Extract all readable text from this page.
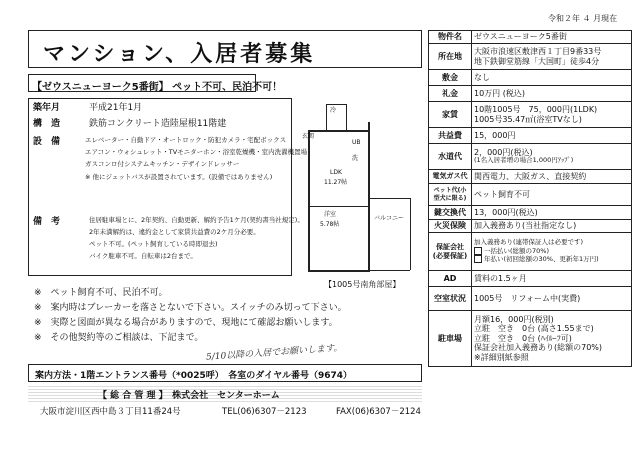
令和２年 ４ 月現在
マンション、入居者募集
【ゼウスニューヨーク5番街】 ペット不可、民泊不可！
築年月	平成21年1月
構　造	鉄筋コンクリート造陸屋根11階建
設　備	エレベーター・自動ドア・オートロック・防犯カメラ・宅配ボックス
エアコン・ウォシュレット・TVモニターホン・浴室乾燥機・室内洗濯機置場
ガスコンロ付システムキッチン・デザインドレッサー
※ 他にジェットバスが設置されています。(設備ではありません)
備　考	住居駐車場とに、2年契約、自動更新、解約予告1ケ月(契約書当社規定)。
2年未満解約は、違約金として家賃共益費の2ケ月分必要。
ペット不可。(ペット飼育している時即退去)
バイク駐車不可。自転車は2台まで。
玄関
LDK
11.27帖
洋室
5.78帖
バルコニー
UB
冷
洗
【1005号南角部屋】
※　ペット飼育不可、民泊不可。
※　案内時はブレーカーを落さとないで下さい。スイッチのみ切って下さい。
※　実際と図面が異なる場合がありますので、現地にて確認お願いします。
※　その他契約等のご相談は、下記まで。
5/10以降の入居でお願いします。
案内方法・1階エントランス番号（*0025呼）　各室のダイヤル番号（9674）
【 総 合 管 理 】　株式会社　センターホーム
大阪市淀川区西中島３丁目11番24号	TEL(06)6307－2123	FAX(06)6307－2124
物件名	ゼウスニューヨーク5番街
所在地	大阪市浪速区敷津西１丁目9番33号
地下鉄御堂筋線「大国町」徒歩4分

敷金	なし
礼金	10万円 (税込)
家賃	10階1005号　75，000円(1LDK)
1005号35.47㎡(浴室TVなし)

共益費	15，000円
水道代	2，000円(税込)
(1名入居者増の場合1,000円ｱｯﾌﾟ)

電気ガス代	関西電力、大阪ガス、直接契約
ペット代(小型犬に限る)	ペット飼育不可
鍵交換代	13，000円(税込)
火災保険	加入義務あり(当社指定なし)
保証会社(必要保証)	加入義務あり(連帯保証人は必要です)
一括払い(総額の70%)
年払い(初回総額の30%、更新年1万円)

AD	賃料の1.5ヶ月
空室状況	1005号　リフォーム中(実費)
駐車場	月額16，000円(税別)
立駐　空き　0台 (高さ1.55まで)
立駐　空き　0台 (ﾊｲﾙｰﾌ可)
保証会社加入義務あり(総額の70%)
※詳細別紙参照
